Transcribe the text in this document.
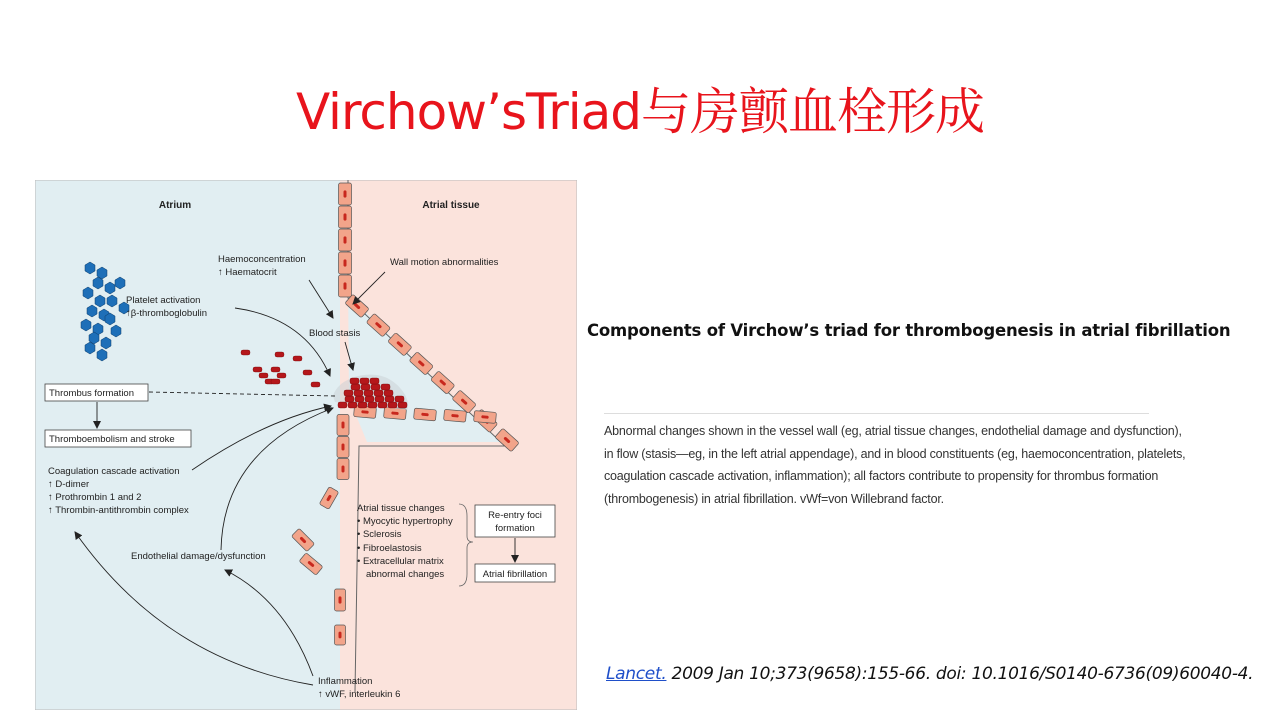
Virchow’sTriad与房颤血栓形成
Atrium	Atrial tissue
Haemoconcentration
↑ Haematocrit
Wall motion abnormalities
Platelet activation
↑β-thromboglobulin
Blood stasis
Thrombus formation
Thromboembolism and stroke
Coagulation cascade activation
↑ D-dimer
↑ Prothrombin 1 and 2
↑ Thrombin-antithrombin complex
Endothelial damage/dysfunction
Atrial tissue changes
• Myocytic hypertrophy
• Sclerosis
• Fibroelastosis
• Extracellular matrix
abnormal changes
Re-entry foci
formation
Atrial fibrillation
Inflammation
↑ vWF, interleukin 6
Components of Virchow’s triad for thrombogenesis in atrial fibrillation
Abnormal changes shown in the vessel wall (eg, atrial tissue changes, endothelial damage and dysfunction),
in flow (stasis—eg, in the left atrial appendage), and in blood constituents (eg, haemoconcentration, platelets,
coagulation cascade activation, inflammation); all factors contribute to propensity for thrombus formation
(thrombogenesis) in atrial fibrillation. vWf=von Willebrand factor.
Lancet. 2009 Jan 10;373(9658):155-66. doi: 10.1016/S0140-6736(09)60040-4.
